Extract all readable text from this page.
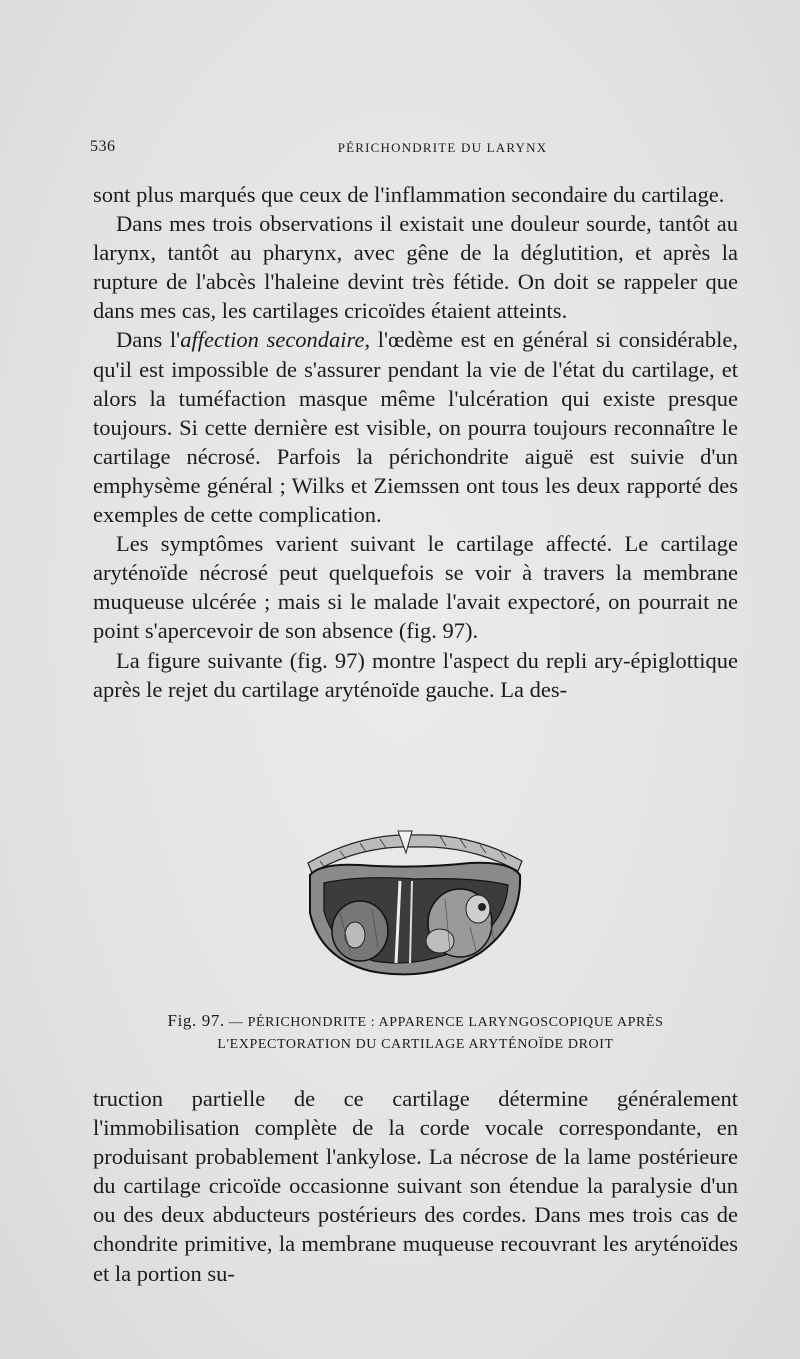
536	PÉRICHONDRITE DU LARYNX

sont plus marqués que ceux de l'inflammation secondaire du cartilage.

Dans mes trois observations il existait une douleur sourde, tantôt au larynx, tantôt au pharynx, avec gêne de la déglutition, et après la rupture de l'abcès l'haleine devint très fétide. On doit se rappeler que dans mes cas, les cartilages cricoïdes étaient atteints.

Dans l'affection secondaire, l'œdème est en général si considérable, qu'il est impossible de s'assurer pendant la vie de l'état du cartilage, et alors la tuméfaction masque même l'ulcération qui existe presque toujours. Si cette dernière est visible, on pourra toujours reconnaître le cartilage nécrosé. Parfois la périchondrite aiguë est suivie d'un emphysème général ; Wilks et Ziemssen ont tous les deux rapporté des exemples de cette complication.

Les symptômes varient suivant le cartilage affecté. Le cartilage aryténoïde nécrosé peut quelquefois se voir à travers la membrane muqueuse ulcérée ; mais si le malade l'avait expectoré, on pourrait ne point s'apercevoir de son absence (fig. 97).

La figure suivante (fig. 97) montre l'aspect du repli ary-épiglottique après le rejet du cartilage aryténoïde gauche. La des-

Fig. 97. — PÉRICHONDRITE : APPARENCE LARYNGOSCOPIQUE APRÈS
L'EXPECTORATION DU CARTILAGE ARYTÉNOÏDE DROIT

truction partielle de ce cartilage détermine généralement l'immobilisation complète de la corde vocale correspondante, en produisant probablement l'ankylose. La nécrose de la lame postérieure du cartilage cricoïde occasionne suivant son étendue la paralysie d'un ou des deux abducteurs postérieurs des cordes. Dans mes trois cas de chondrite primitive, la membrane muqueuse recouvrant les aryténoïdes et la portion su-
